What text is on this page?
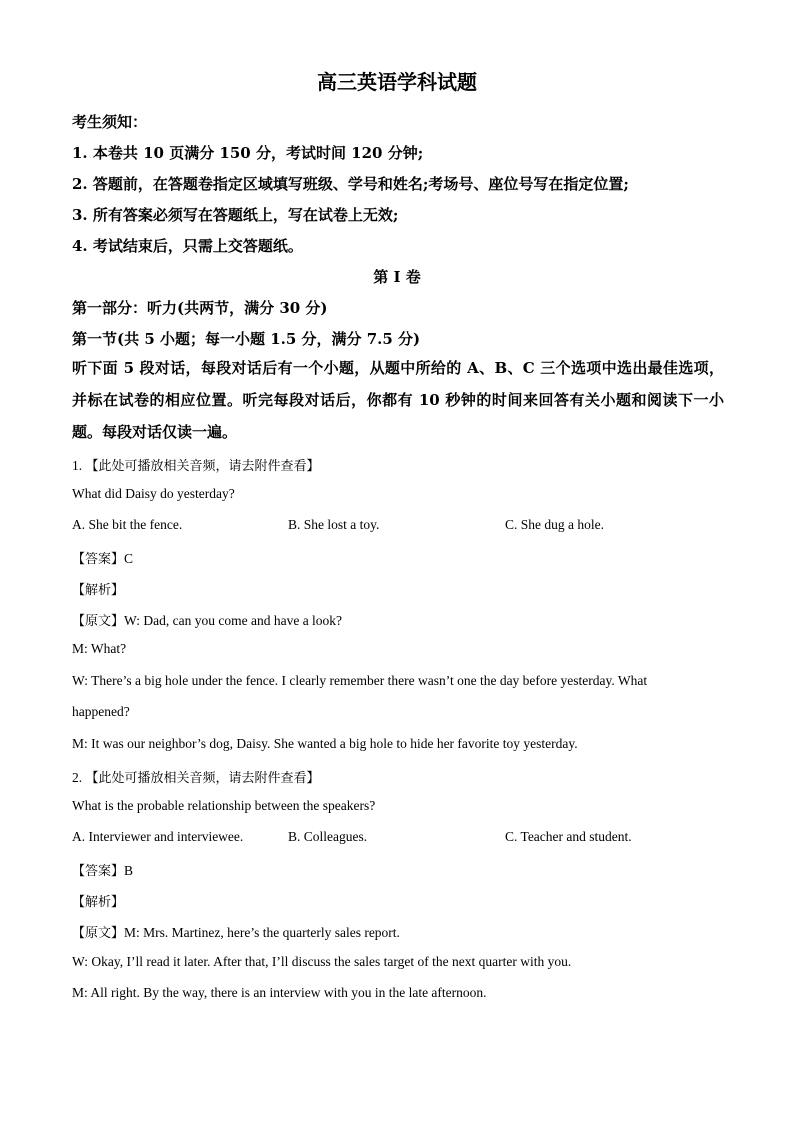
高三英语学科试题
考生须知：
1. 本卷共 10 页满分 150 分，考试时间 120 分钟;
2. 答题前，在答题卷指定区域填写班级、学号和姓名;考场号、座位号写在指定位置;
3. 所有答案必须写在答题纸上，写在试卷上无效;
4. 考试结束后，只需上交答题纸。
第 I 卷
第一部分：听力(共两节，满分 30 分)
第一节(共 5 小题；每一小题 1.5 分，满分 7.5 分)
听下面 5 段对话，每段对话后有一个小题，从题中所给的 A、B、C 三个选项中选出最佳选项，并标在试卷的相应位置。听完每段对话后，你都有 10 秒钟的时间来回答有关小题和阅读下一小题。每段对话仅读一遍。
1. 【此处可播放相关音频，请去附件查看】
What did Daisy do yesterday?
A. She bit the fence.	B. She lost a toy.	C. She dug a hole.
【答案】C
【解析】
【原文】W: Dad, can you come and have a look?
M: What?
W: There’s a big hole under the fence. I clearly remember there wasn’t one the day before yesterday. What
happened?
M: It was our neighbor’s dog, Daisy. She wanted a big hole to hide her favorite toy yesterday.
2. 【此处可播放相关音频，请去附件查看】
What is the probable relationship between the speakers?
A. Interviewer and interviewee.	B. Colleagues.	C. Teacher and student.
【答案】B
【解析】
【原文】M: Mrs. Martinez, here’s the quarterly sales report.
W: Okay, I’ll read it later. After that, I’ll discuss the sales target of the next quarter with you.
M: All right. By the way, there is an interview with you in the late afternoon.
